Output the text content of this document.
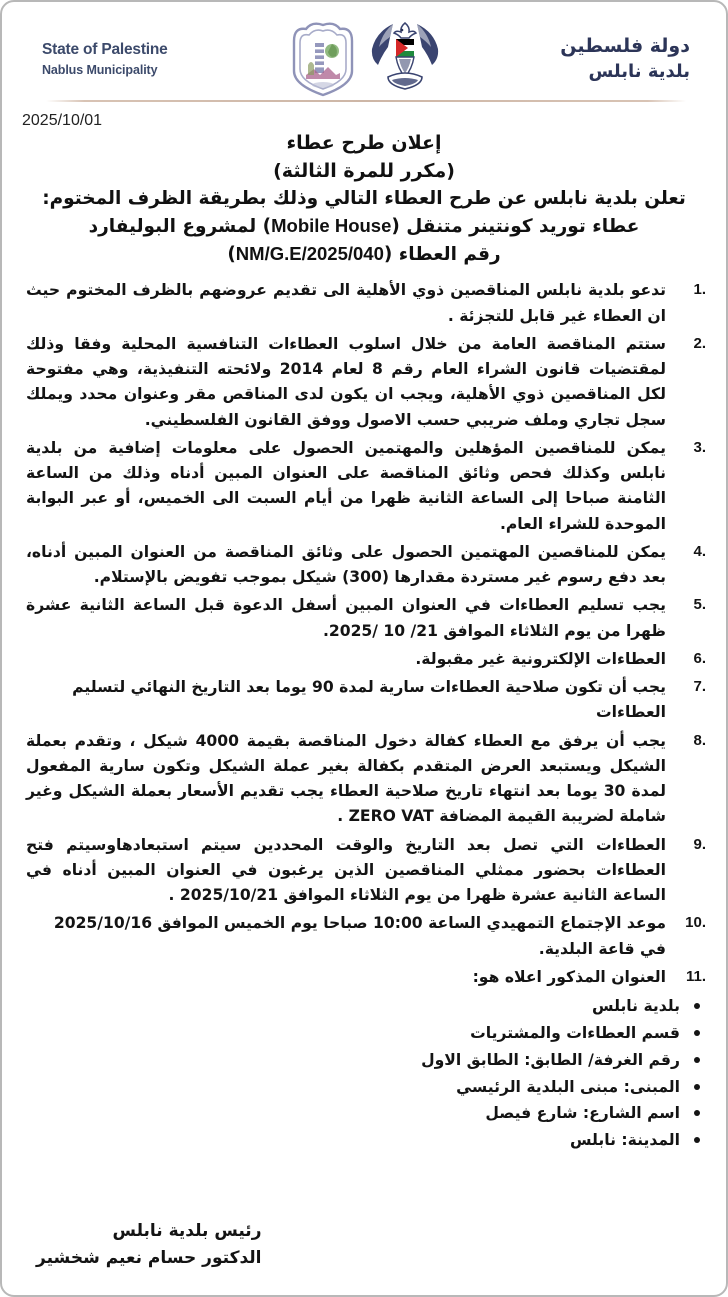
State of Palestine
Nablus Municipality
دولة فلسطين
بلدية نابلس
2025/10/01
إعلان طرح عطاء
(مكرر للمرة الثالثة)
تعلن بلدية نابلس عن طرح العطاء التالي وذلك بطريقة الظرف المختوم:
عطاء توريد كونتينر متنقل (Mobile House) لمشروع البوليفارد
رقم العطاء (NM/G.E/2025/040)
تدعو بلدية نابلس المناقصين ذوي الأهلية الى تقديم عروضهم بالظرف المختوم حيث ان العطاء غير قابل للتجزئة .
ستتم المناقصة العامة من خلال اسلوب العطاءات التنافسية المحلية وفقا وذلك لمقتضيات قانون الشراء العام رقم 8 لعام 2014 ولائحته التنفيذية، وهي مفتوحة لكل المناقصين ذوي الأهلية، ويجب ان يكون لدى المناقص مقر وعنوان محدد ويملك سجل تجاري وملف ضريبي حسب الاصول ووفق القانون الفلسطيني.
يمكن للمناقصين المؤهلين والمهتمين الحصول على معلومات إضافية من بلدية نابلس وكذلك فحص وثائق المناقصة على العنوان المبين أدناه وذلك من الساعة الثامنة صباحا إلى الساعة الثانية ظهرا من أيام السبت الى الخميس، أو عبر البوابة الموحدة للشراء العام.
يمكن للمناقصين المهتمين الحصول على وثائق المناقصة من العنوان المبين أدناه، بعد دفع رسوم غير مستردة مقدارها (300) شيكل بموجب تفويض بالإستلام.
يجب تسليم العطاءات في العنوان المبين أسفل الدعوة قبل الساعة الثانية عشرة ظهرا من يوم الثلاثاء الموافق 21/ 10 /2025.
العطاءات الإلكترونية غير مقبولة.
يجب أن تكون صلاحية العطاءات سارية لمدة 90 يوما بعد التاريخ النهائي لتسليم العطاءات
يجب أن يرفق مع العطاء كفالة دخول المناقصة بقيمة 4000 شيكل ، وتقدم بعملة الشيكل ويستبعد العرض المتقدم بكفالة بغير عملة الشيكل وتكون سارية المفعول لمدة 30 يوما بعد انتهاء تاريخ صلاحية العطاء يجب تقديم الأسعار بعملة الشيكل وغير شاملة لضريبة القيمة المضافة ZERO VAT .
العطاءات التي تصل بعد التاريخ والوقت المحددين سيتم استبعادهاوسيتم فتح العطاءات بحضور ممثلي المناقصين الذين يرغبون في العنوان المبين أدناه في الساعة الثانية عشرة ظهرا من يوم الثلاثاء الموافق 2025/10/21 .
موعد الإجتماع التمهيدي الساعة 10:00 صباحا يوم الخميس الموافق 2025/10/16 في قاعة البلدية.
العنوان المذكور اعلاه هو:
بلدية نابلس
قسم العطاءات والمشتريات
رقم الغرفة/ الطابق: الطابق الاول
المبنى: مبنى البلدية الرئيسي
اسم الشارع: شارع فيصل
المدينة: نابلس
رئيس بلدية نابلس
الدكتور حسام نعيم شخشير
